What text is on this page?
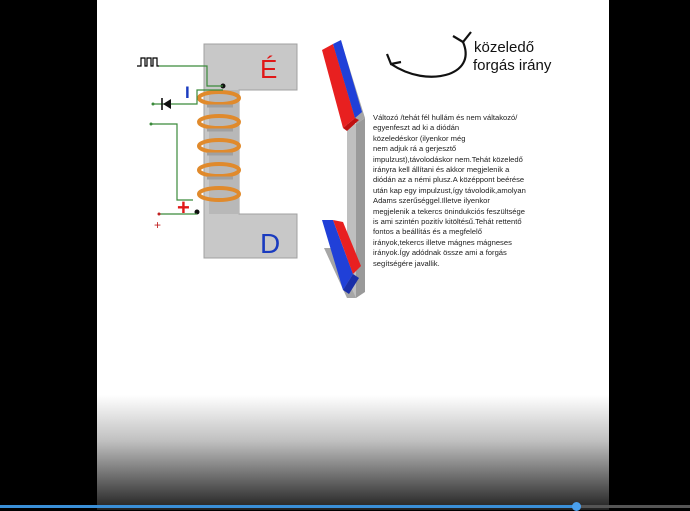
É
D
I
+
+
közeledő
forgás irány
Változó /tehát fél hullám és nem váltakozó/
egyenfeszt ad ki a diódán
közeledéskor (ilyenkor még
nem adjuk rá a gerjesztő
impulzust),távolodáskor nem.Tehát közeledő
irányra kell állítani és akkor megjelenik a
diódán az a némi plusz.A középpont beérése
után kap egy impulzust,így távolodik,amolyan
Adams szerűséggel.Illetve ilyenkor
megjelenik a tekercs önindukciós feszültsége
is ami szintén pozitív kitöltésű.Tehát rettentő
fontos a beállítás és a megfelelő
irányok,tekercs illetve mágnes mágneses
irányok.Így adódnak össze ami a forgás
segítségére javallik.
